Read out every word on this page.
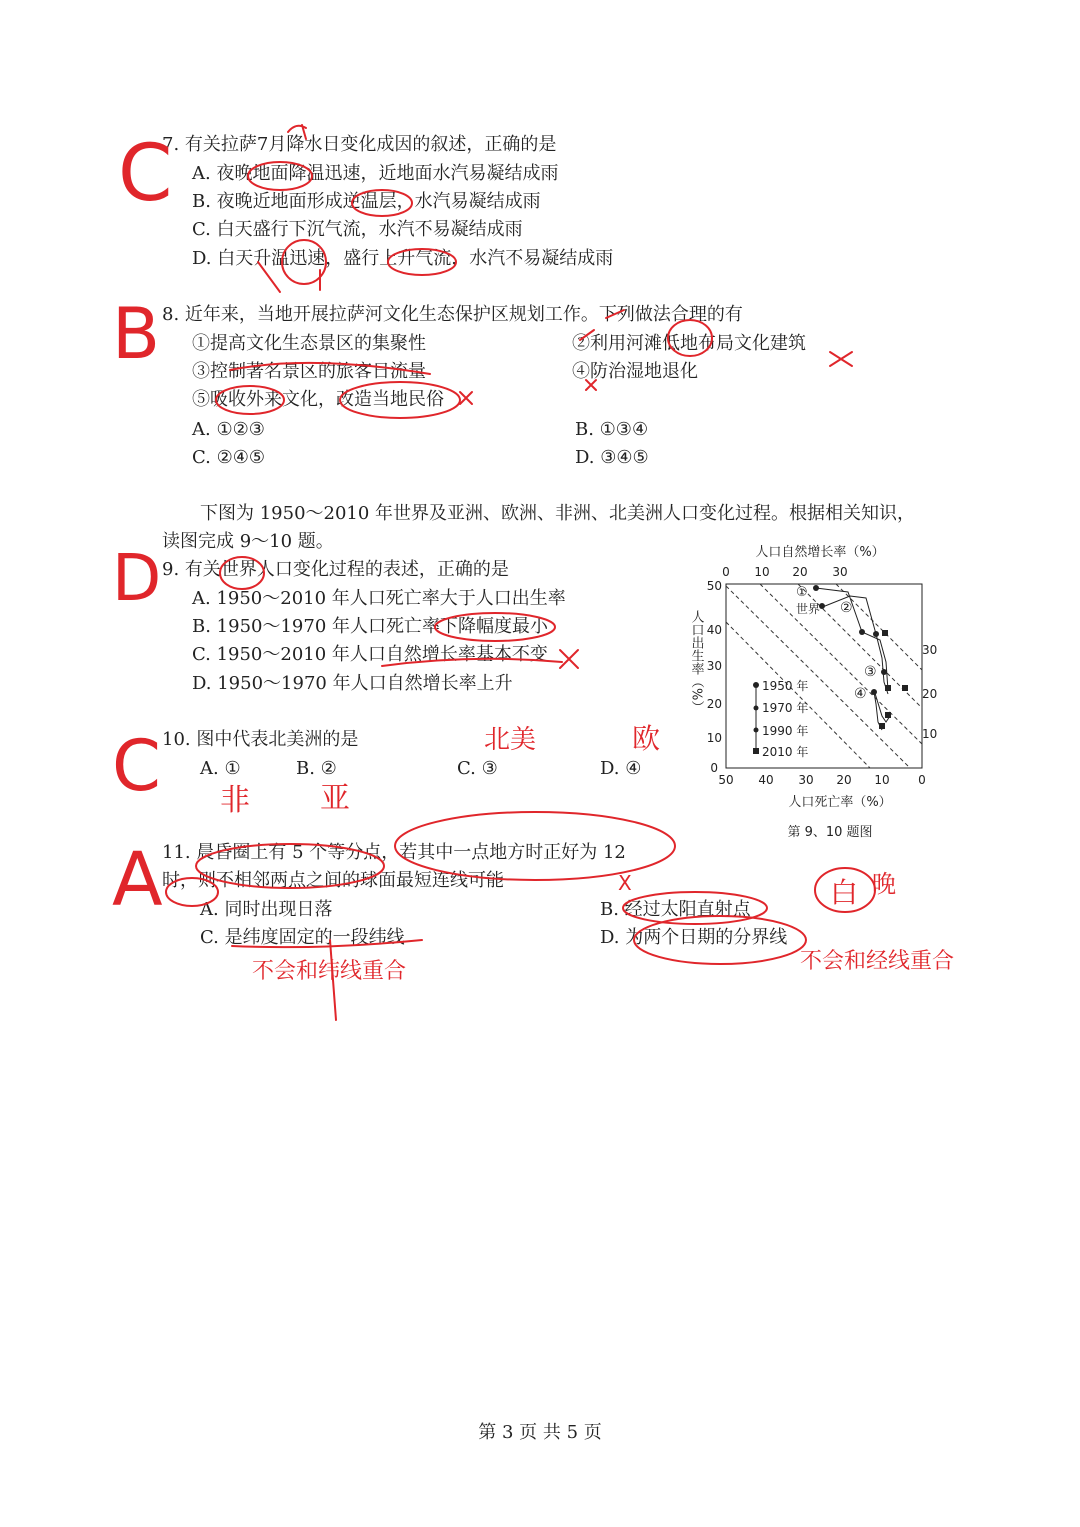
7. 有关拉萨7月降水日变化成因的叙述，正确的是
A. 夜晚地面降温迅速，近地面水汽易凝结成雨
B. 夜晚近地面形成逆温层，水汽易凝结成雨
C. 白天盛行下沉气流，水汽不易凝结成雨
D. 白天升温迅速，盛行上升气流，水汽不易凝结成雨
8. 近年来，当地开展拉萨河文化生态保护区规划工作。下列做法合理的有
①提高文化生态景区的集聚性	②利用河滩低地布局文化建筑
③控制著名景区的旅客日流量	④防治湿地退化
⑤吸收外来文化，改造当地民俗
A. ①②③	B. ①③④
C. ②④⑤	D. ③④⑤
下图为 1950～2010 年世界及亚洲、欧洲、非洲、北美洲人口变化过程。根据相关知识，
读图完成 9～10 题。
9. 有关世界人口变化过程的表述，正确的是
A. 1950～2010 年人口死亡率大于人口出生率
B. 1950～1970 年人口死亡率下降幅度最小
C. 1950～2010 年人口自然增长率基本不变
D. 1950～1970 年人口自然增长率上升
10. 图中代表北美洲的是
A. ①	B. ②	C. ③	D. ④
11. 晨昏圈上有 5 个等分点，若其中一点地方时正好为 12
时，则不相邻两点之间的球面最短连线可能
A. 同时出现日落	B. 经过太阳直射点
C. 是纬度固定的一段纬线	D. 为两个日期的分界线
人口自然增长率（%）
0 10 20 30
50
40
30
20
10
0
30
20
10
50 40 30 20 10 0
人口死亡率（%）
第 9、10 题图
人口出生率（%）
①
世界 ②
③
④
1950 年
1970 年
1990 年
2010 年
C
B
D
C
A
北美	欧
非 亚
白 晚
X
不会和纬线重合	不会和经线重合
第 3 页 共 5 页
